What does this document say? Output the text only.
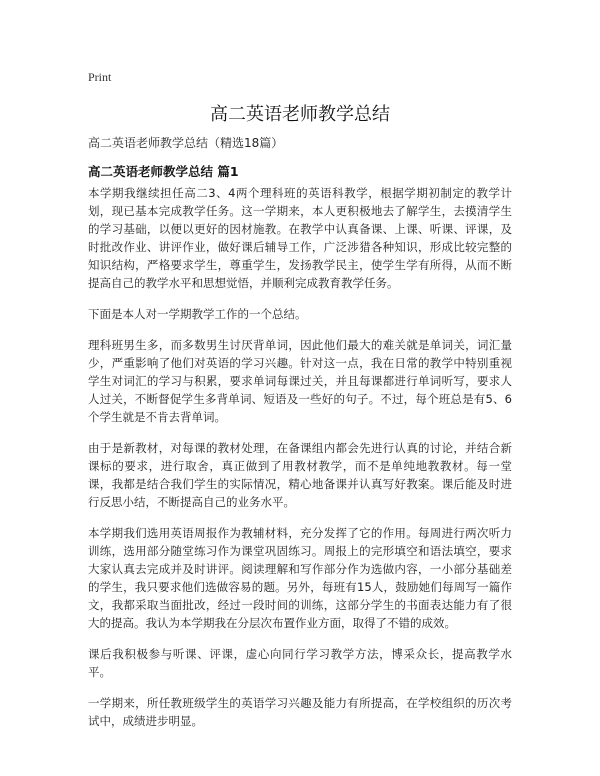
Print
高二英语老师教学总结
高二英语老师教学总结（精选18篇）
高二英语老师教学总结 篇1

本学期我继续担任高二3、4两个理科班的英语科教学，根据学期初制定的教学计划，现已基本完成教学任务。这一学期来，本人更积极地去了解学生，去摸清学生的学习基础，以便以更好的因材施教。在教学中认真备课、上课、听课、评课，及时批改作业、讲评作业，做好课后辅导工作，广泛涉猎各种知识，形成比较完整的知识结构，严格要求学生，尊重学生，发扬教学民主，使学生学有所得，从而不断提高自己的教学水平和思想觉悟，并顺利完成教育教学任务。

下面是本人对一学期教学工作的一个总结。

理科班男生多，而多数男生讨厌背单词，因此他们最大的难关就是单词关，词汇量少，严重影响了他们对英语的学习兴趣。针对这一点，我在日常的教学中特别重视学生对词汇的学习与积累，要求单词每课过关，并且每课都进行单词听写，要求人人过关，不断督促学生多背单词、短语及一些好的句子。不过，每个班总是有5、6个学生就是不肯去背单词。

由于是新教材，对每课的教材处理，在备课组内都会先进行认真的讨论，并结合新课标的要求，进行取舍，真正做到了用教材教学，而不是单纯地教教材。每一堂课，我都是结合我们学生的实际情况，精心地备课并认真写好教案。课后能及时进行反思小结，不断提高自己的业务水平。

本学期我们选用英语周报作为教辅材料，充分发挥了它的作用。每周进行两次听力训练，选用部分随堂练习作为课堂巩固练习。周报上的完形填空和语法填空，要求大家认真去完成并及时讲评。阅读理解和写作部分作为选做内容，一小部分基础差的学生，我只要求他们选做容易的题。另外，每班有15人，鼓励她们每周写一篇作文，我都采取当面批改，经过一段时间的训练，这部分学生的书面表达能力有了很大的提高。我认为本学期我在分层次布置作业方面，取得了不错的成效。

课后我积极参与听课、评课，虚心向同行学习教学方法，博采众长，提高教学水平。

一学期来，所任教班级学生的英语学习兴趣及能力有所提高，在学校组织的历次考试中，成绩进步明显。
